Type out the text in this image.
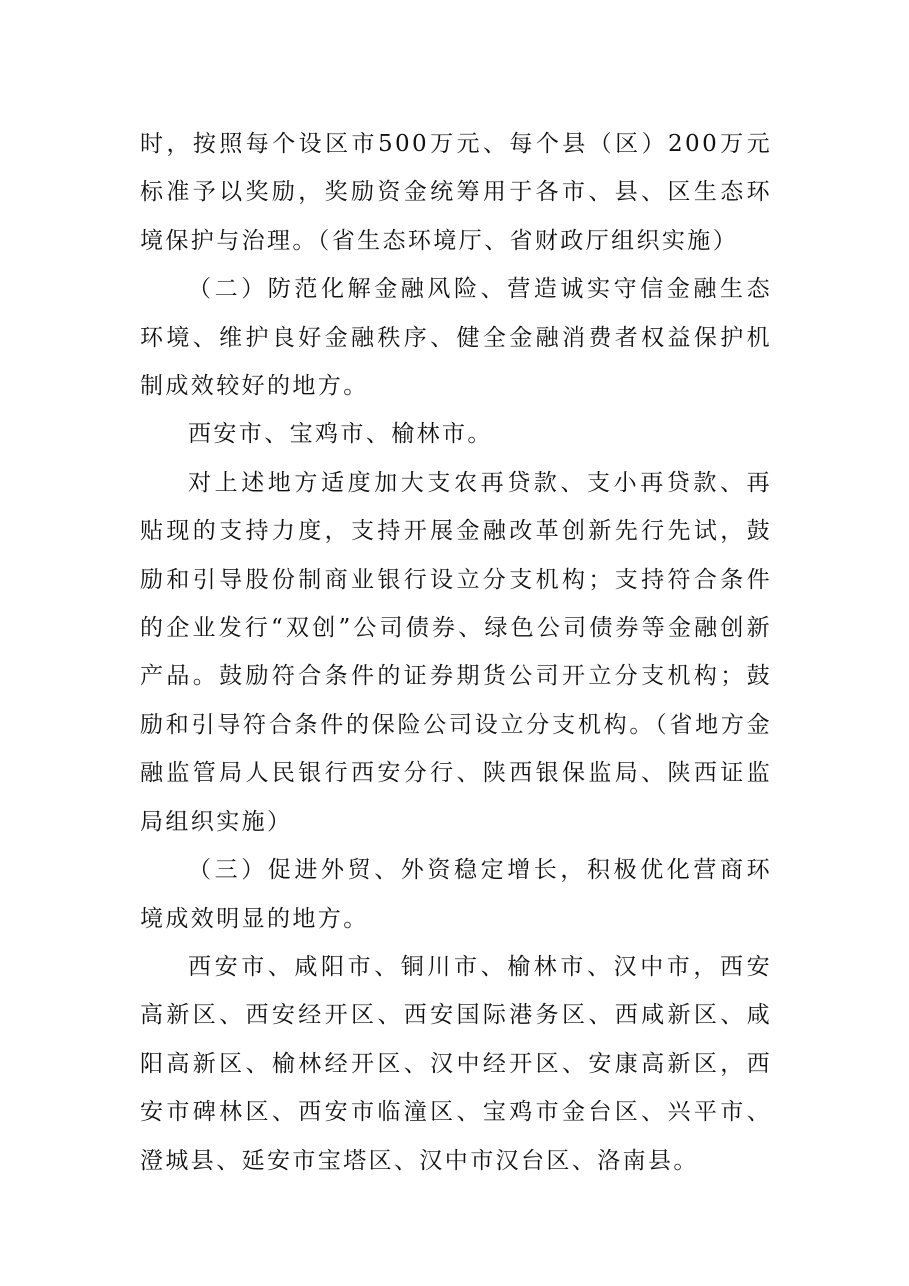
时，按照每个设区市500万元、每个县（区）200万元标准予以奖励，奖励资金统筹用于各市、县、区生态环境保护与治理。（省生态环境厅、省财政厅组织实施）

（二）防范化解金融风险、营造诚实守信金融生态环境、维护良好金融秩序、健全金融消费者权益保护机制成效较好的地方。

西安市、宝鸡市、榆林市。

对上述地方适度加大支农再贷款、支小再贷款、再贴现的支持力度，支持开展金融改革创新先行先试，鼓励和引导股份制商业银行设立分支机构；支持符合条件的企业发行“双创”公司债券、绿色公司债券等金融创新产品。鼓励符合条件的证券期货公司开立分支机构；鼓励和引导符合条件的保险公司设立分支机构。（省地方金融监管局人民银行西安分行、陕西银保监局、陕西证监局组织实施）

（三）促进外贸、外资稳定增长，积极优化营商环境成效明显的地方。

西安市、咸阳市、铜川市、榆林市、汉中市，西安高新区、西安经开区、西安国际港务区、西咸新区、咸阳高新区、榆林经开区、汉中经开区、安康高新区，西安市碑林区、西安市临潼区、宝鸡市金台区、兴平市、澄城县、延安市宝塔区、汉中市汉台区、洛南县。
